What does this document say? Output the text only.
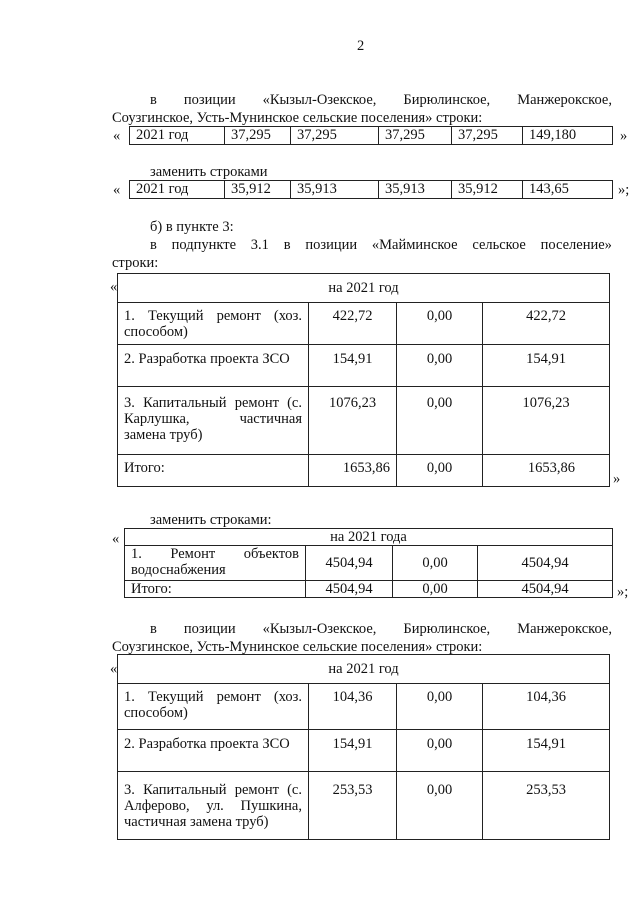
2
в позиции «Кызыл-Озекское, Бирюлинское, Манжерокское,
Соузгинское, Усть-Мунинское сельские поселения» строки:
« 2021 год	37,295	37,295	37,295	37,295	149,180	»
заменить строками
« 2021 год	35,912	35,913	35,913	35,912	143,65	»;
б) в пункте 3:
в подпункте 3.1 в позиции «Майминское сельское поселение»
строки:
«	на 2021 год			

1. Текущий ремонт (хоз.
способом)	422,72	0,00	422,72
2. Разработка проекта ЗСО	154,91	0,00	154,91

3. Капитальный ремонт (с.
Карлушка, частичная
замена труб)	1076,23	0,00	1076,23
Итого:	1653,86	0,00	1653,86
»
заменить строками:
«	на 2021 года			

1. Ремонт объектов
водоснабжения	4504,94	0,00	4504,94
Итого:	4504,94	0,00	4504,94	»;
в позиции «Кызыл-Озекское, Бирюлинское, Манжерокское,
Соузгинское, Усть-Мунинское сельские поселения» строки:
«	на 2021 год			

1. Текущий ремонт (хоз.
способом)	104,36	0,00	104,36
2. Разработка проекта ЗСО	154,91	0,00	154,91

3. Капитальный ремонт (с.
Алферово, ул. Пушкина,
частичная замена труб)	253,53	0,00	253,53
